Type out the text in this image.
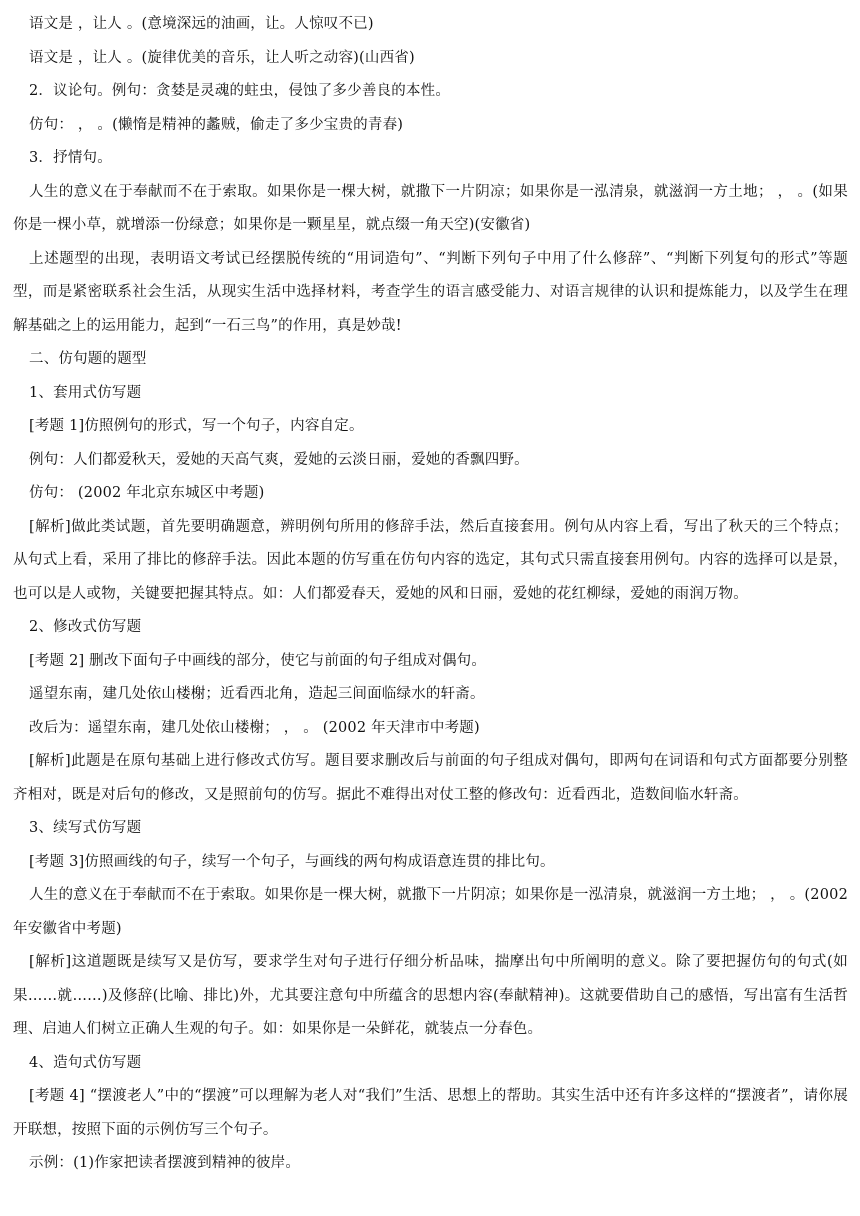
语文是 ，让人 。(意境深远的油画，让。人惊叹不已)

语文是 ，让人 。(旋律优美的音乐，让人听之动容)(山西省)

2．议论句。例句：贪婪是灵魂的蛀虫，侵蚀了多少善良的本性。

仿句： ， 。(懒惰是精神的蠡贼，偷走了多少宝贵的青春)

3．抒情句。

人生的意义在于奉献而不在于索取。如果你是一棵大树，就撒下一片阴凉；如果你是一泓清泉，就滋润一方土地； ， 。(如果你是一棵小草，就增添一份绿意；如果你是一颗星星，就点缀一角天空)(安徽省)

上述题型的出现，表明语文考试已经摆脱传统的“用词造句”、“判断下列句子中用了什么修辞”、“判断下列复句的形式”等题型，而是紧密联系社会生活，从现实生活中选择材料，考查学生的语言感受能力、对语言规律的认识和提炼能力，以及学生在理解基础之上的运用能力，起到“一石三鸟”的作用，真是妙哉!

二、仿句题的题型

1、套用式仿写题

[考题 1]仿照例句的形式，写一个句子，内容自定。

例句：人们都爱秋天，爱她的天高气爽，爱她的云淡日丽，爱她的香飘四野。

仿句： (2002 年北京东城区中考题)

[解析]做此类试题，首先要明确题意，辨明例句所用的修辞手法，然后直接套用。例句从内容上看，写出了秋天的三个特点；从句式上看，采用了排比的修辞手法。因此本题的仿写重在仿句内容的选定，其句式只需直接套用例句。内容的选择可以是景，也可以是人或物，关键要把握其特点。如：人们都爱春天，爱她的风和日丽，爱她的花红柳绿，爱她的雨润万物。

2、修改式仿写题

[考题 2] 删改下面句子中画线的部分，使它与前面的句子组成对偶句。

遥望东南，建几处依山楼榭；近看西北角，造起三间面临绿水的轩斋。

改后为：遥望东南，建几处依山楼榭； ， 。 (2002 年天津市中考题)

[解析]此题是在原句基础上进行修改式仿写。题目要求删改后与前面的句子组成对偶句，即两句在词语和句式方面都要分别整齐相对，既是对后句的修改，又是照前句的仿写。据此不难得出对仗工整的修改句：近看西北，造数间临水轩斋。

3、续写式仿写题

[考题 3]仿照画线的句子，续写一个句子，与画线的两句构成语意连贯的排比句。

人生的意义在于奉献而不在于索取。如果你是一棵大树，就撒下一片阴凉；如果你是一泓清泉，就滋润一方土地； ， 。(2002 年安徽省中考题)

[解析]这道题既是续写又是仿写，要求学生对句子进行仔细分析品味，揣摩出句中所阐明的意义。除了要把握仿句的句式(如果……就……)及修辞(比喻、排比)外，尤其要注意句中所蕴含的思想内容(奉献精神)。这就要借助自己的感悟，写出富有生活哲理、启迪人们树立正确人生观的句子。如：如果你是一朵鲜花，就装点一分春色。

4、造句式仿写题

[考题 4] “摆渡老人”中的“摆渡”可以理解为老人对“我们”生活、思想上的帮助。其实生活中还有许多这样的“摆渡者”，请你展开联想，按照下面的示例仿写三个句子。

示例：(1)作家把读者摆渡到精神的彼岸。
